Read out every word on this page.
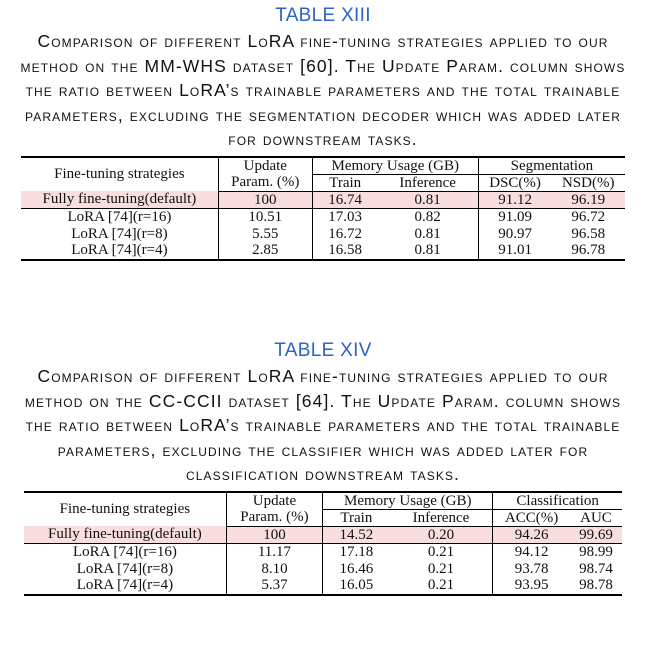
TABLE XIII
Comparison of different LoRA fine-tuning strategies applied to our method on the MM-WHS dataset [60]. The Update Param. column shows the ratio between LoRA’s trainable parameters and the total trainable parameters, excluding the segmentation decoder which was added later for downstream tasks.
Fine-tuning strategies	Update	Memory Usage (GB)		Segmentation	
	Param. (%)	Train	Inference	DSC(%)	NSD(%)
Fully fine-tuning(default)	100	16.74	0.81	91.12	96.19
LoRA [74](r=16)	10.51	17.03	0.82	91.09	96.72
LoRA [74](r=8)	5.55	16.72	0.81	90.97	96.58
LoRA [74](r=4)	2.85	16.58	0.81	91.01	96.78
TABLE XIV
Comparison of different LoRA fine-tuning strategies applied to our method on the CC-CCII dataset [64]. The Update Param. column shows the ratio between LoRA’s trainable parameters and the total trainable parameters, excluding the classifier which was added later for classification downstream tasks.
Fine-tuning strategies	Update	Memory Usage (GB)		Classification	
	Param. (%)	Train	Inference	ACC(%)	AUC
Fully fine-tuning(default)	100	14.52	0.20	94.26	99.69
LoRA [74](r=16)	11.17	17.18	0.21	94.12	98.99
LoRA [74](r=8)	8.10	16.46	0.21	93.78	98.74
LoRA [74](r=4)	5.37	16.05	0.21	93.95	98.78
